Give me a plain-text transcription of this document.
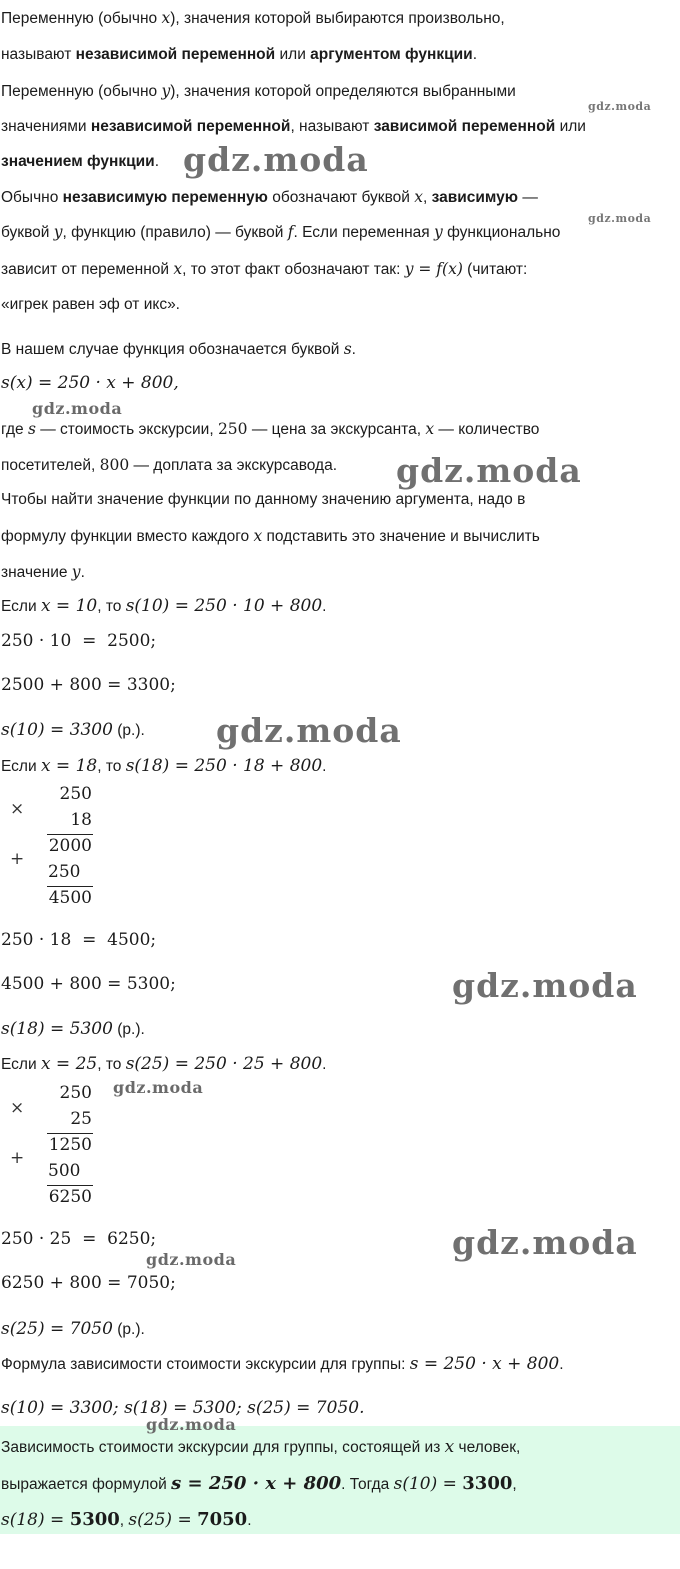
Переменную (обычно x), значения которой выбираются произвольно,
называют независимой переменной или аргументом функции.
Переменную (обычно y), значения которой определяются выбранными
значениями независимой переменной, называют зависимой переменной или
значением функции.
Обычно независимую переменную обозначают буквой x, зависимую —
буквой y, функцию (правило) — буквой f. Если переменная y функционально
зависит от переменной x, то этот факт обозначают так: y = f(x) (читают:
«игрек равен эф от икс».
В нашем случае функция обозначается буквой s.
s(x) = 250 · x + 800,
где s — стоимость экскурсии, 250 — цена за экскурсанта, x — количество
посетителей, 800 — доплата за экскурсавода.
Чтобы найти значение функции по данному значению аргумента, надо в
формулу функции вместо каждого x подставить это значение и вычислить
значение y.
Если x = 10, то s(10) = 250 · 10 + 800.
250 · 10  =  2500;
2500 + 800 = 3300;
s(10) = 3300 (р.).
Если x = 18, то s(18) = 250 · 18 + 800.
×
+
250
18
2000
250
4500
250 · 18  =  4500;
4500 + 800 = 5300;
s(18) = 5300 (р.).
Если x = 25, то s(25) = 250 · 25 + 800.
×
+
250
25
1250
500
6250
250 · 25  =  6250;
6250 + 800 = 7050;
s(25) = 7050 (р.).
Формула зависимости стоимости экскурсии для группы: s = 250 · x + 800.
s(10) = 3300; s(18) = 5300; s(25) = 7050.
Зависимость стоимости экскурсии для группы, состоящей из x человек,
выражается формулой s = 250 · x + 800. Тогда s(10) = 3300,
s(18) = 5300, s(25) = 7050.
gdz.moda
gdz.moda
gdz.moda
gdz.moda
gdz.moda
gdz.moda
gdz.moda
gdz.moda
gdz.moda
gdz.moda
gdz.moda
